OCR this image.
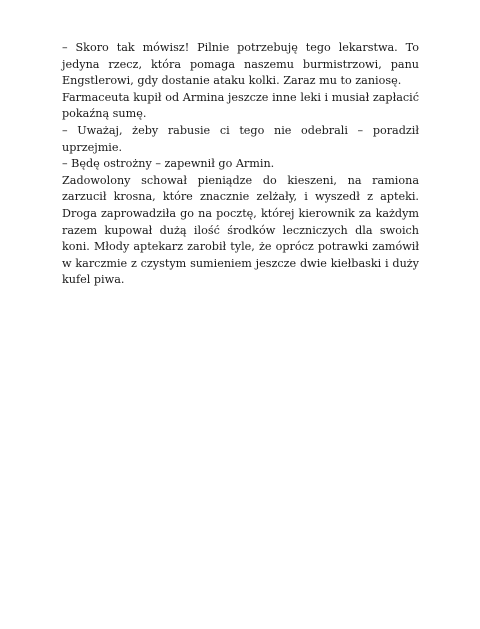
– Skoro tak mówisz! Pilnie potrzebuję tego lekarstwa. To jedyna rzecz, która pomaga naszemu burmistrzowi, panu Engstlerowi, gdy dostanie ataku kolki. Zaraz mu to zaniosę.

Farmaceuta kupił od Armina jeszcze inne leki i musiał zapłacić pokaźną sumę.

– Uważaj, żeby rabusie ci tego nie odebrali – poradził uprzejmie.

– Będę ostrożny – zapewnił go Armin.

Zadowolony schował pieniądze do kieszeni, na ramiona zarzucił krosna, które znacznie zelżały, i wyszedł z apteki. Droga zaprowadziła go na pocztę, której kierownik za każdym razem kupował dużą ilość środków leczniczych dla swoich koni. Młody aptekarz zarobił tyle, że oprócz potrawki zamówił w karczmie z czystym sumieniem jeszcze dwie kiełbaski i duży kufel piwa.
